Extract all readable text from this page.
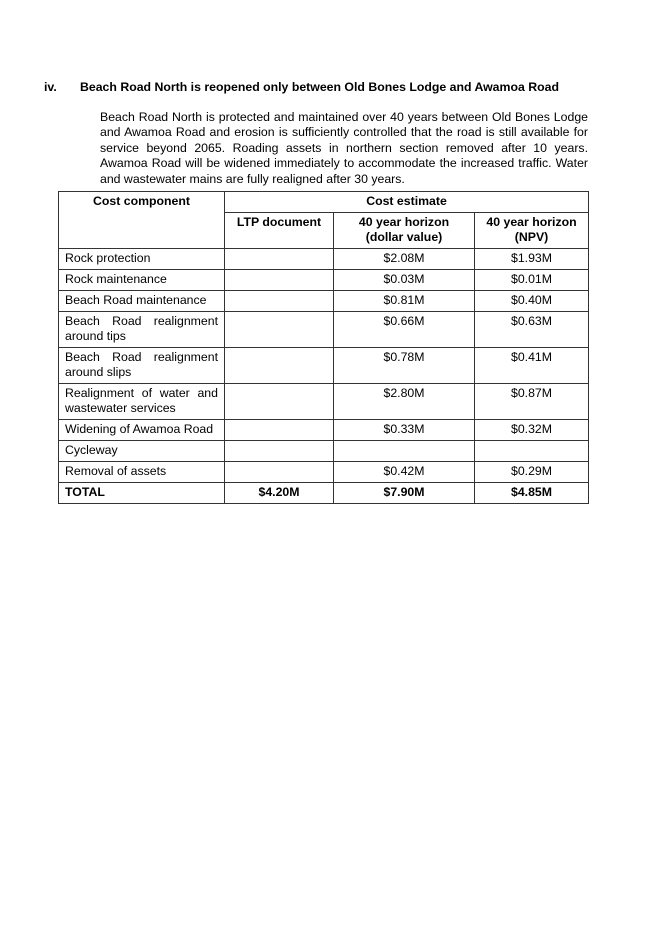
iv. Beach Road North is reopened only between Old Bones Lodge and Awamoa Road
Beach Road North is protected and maintained over 40 years between Old Bones Lodge and Awamoa Road and erosion is sufficiently controlled that the road is still available for service beyond 2065. Roading assets in northern section removed after 10 years. Awamoa Road will be widened immediately to accommodate the increased traffic. Water and wastewater mains are fully realigned after 30 years.
Cost component	Cost estimate		
	LTP document	40 year horizon (dollar value)	40 year horizon (NPV)
Rock protection		$2.08M	$1.93M
Rock maintenance		$0.03M	$0.01M
Beach Road maintenance		$0.81M	$0.40M
Beach Road realignment around tips		$0.66M	$0.63M
Beach Road realignment around slips		$0.78M	$0.41M
Realignment of water and wastewater services		$2.80M	$0.87M
Widening of Awamoa Road		$0.33M	$0.32M
Cycleway			
Removal of assets		$0.42M	$0.29M
TOTAL	$4.20M	$7.90M	$4.85M
